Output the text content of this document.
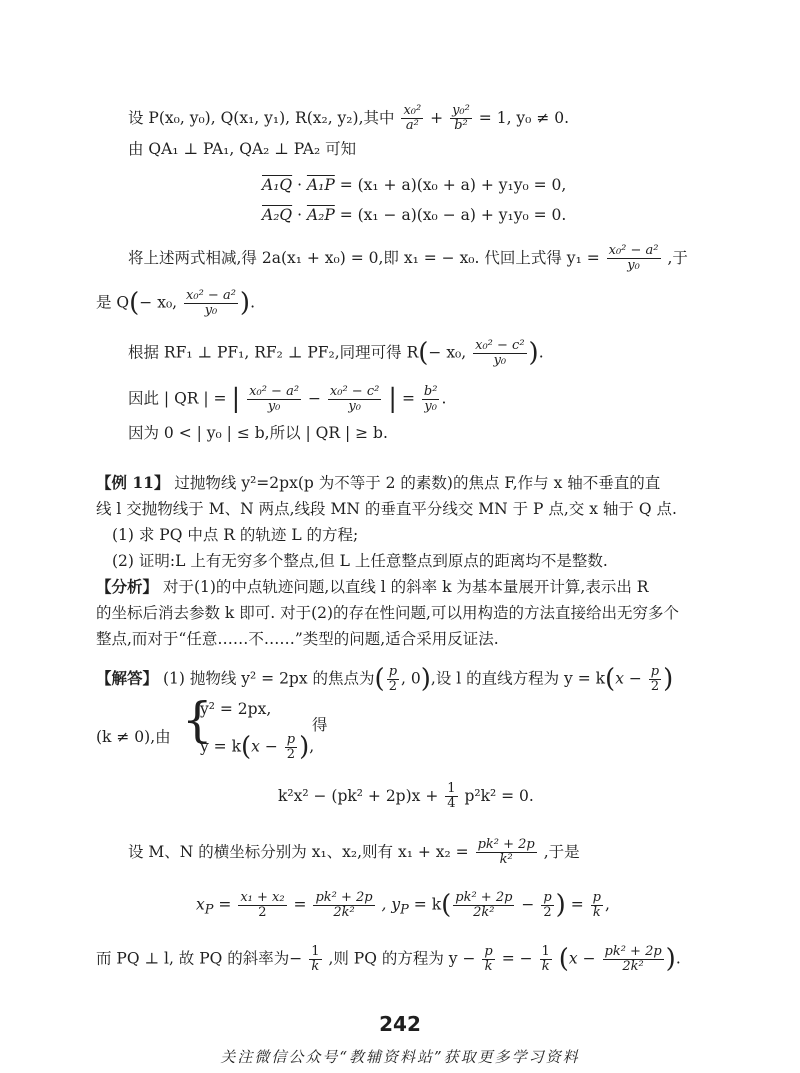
设 P(x₀, y₀), Q(x₁, y₁), R(x₂, y₂),其中 $\frac{\text{x₀²}}{\text{a²}} + \frac{\text{y₀²}}{\text{b²}} = 1$, y₀ ≠ 0.
由 QA₁ ⊥ PA₁, QA₂ ⊥ PA₂ 可知
A₁Q · A₁P = (x₁ + a)(x₀ + a) + y₁y₀ = 0,
A₂Q · A₂P = (x₁ − a)(x₀ − a) + y₁y₀ = 0.
将上述两式相减,得 2a(x₁ + x₀) = 0,即 x₁ = − x₀. 代回上式得 $y_1 = \frac{\text{x₀² − a²}}{\text{y₀}}$ ,于
是 Q(− x₀, $\frac{\text{x₀² − a²}}{\text{y₀}}$ ).
根据 RF₁ ⊥ PF₁, RF₂ ⊥ PF₂,同理可得 R(− x₀, $\frac{\text{x₀² − c²}}{\text{y₀}}$ ).
因此 | QR | = | $\frac{\text{x₀² − a²}}{\text{y₀}} - \frac{\text{x₀² − c²}}{\text{y₀}}$ | = $\frac{\text{b²}}{\text{y₀}}$ .
因为 0 < | y₀ | ≤ b,所以 | QR | ≥ b.
【例 11】 过抛物线 y²=2px(p 为不等于 2 的素数)的焦点 F,作与 x 轴不垂直的直
线 l 交抛物线于 M、N 两点,线段 MN 的垂直平分线交 MN 于 P 点,交 x 轴于 Q 点.
(1) 求 PQ 中点 R 的轨迹 L 的方程;
(2) 证明:L 上有无穷多个整点,但 L 上任意整点到原点的距离均不是整数.
【分析】 对于(1)的中点轨迹问题,以直线 l 的斜率 k 为基本量展开计算,表示出 R
的坐标后消去参数 k 即可. 对于(2)的存在性问题,可以用构造的方法直接给出无穷多个
整点,而对于“任意……不……”类型的问题,适合采用反证法.
【解答】 (1) 抛物线 y² = 2px 的焦点为( $\frac{p}{2}$ , 0),设 l 的直线方程为 $y = k(x - \frac{p}{2}$ )
(k ≠ 0),由 {
y² = 2px,
$y = k(x - \frac{p}{2}$ ),
得
$k^2x^2 - (pk^2 + 2p)x + \frac{1}{4} p^2k^2 = 0$.
设 M、N 的横坐标分别为 x₁、x₂,则有 $x_1 + x_2 = \frac{\text{pk² + 2p}}{\text{k²}}$ ,于是
$x_P = \frac{\text{x₁ + x₂}}{2} = \frac{\text{pk² + 2p}}{\text{2k²}}$ , $y_P = k( \frac{\text{pk² + 2p}}{\text{2k²}} - \frac{p}{2}$ ) = $\frac{p}{k}$ ,
而 PQ ⊥ l, 故 PQ 的斜率为− $\frac{1}{k}$ ,则 PQ 的方程为 $y - \frac{p}{k}$ = − $\frac{1}{k} (x - \frac{\text{pk² + 2p}}{\text{2k²}}$ ).
242
关注微信公众号“教辅资料站”获取更多学习资料
